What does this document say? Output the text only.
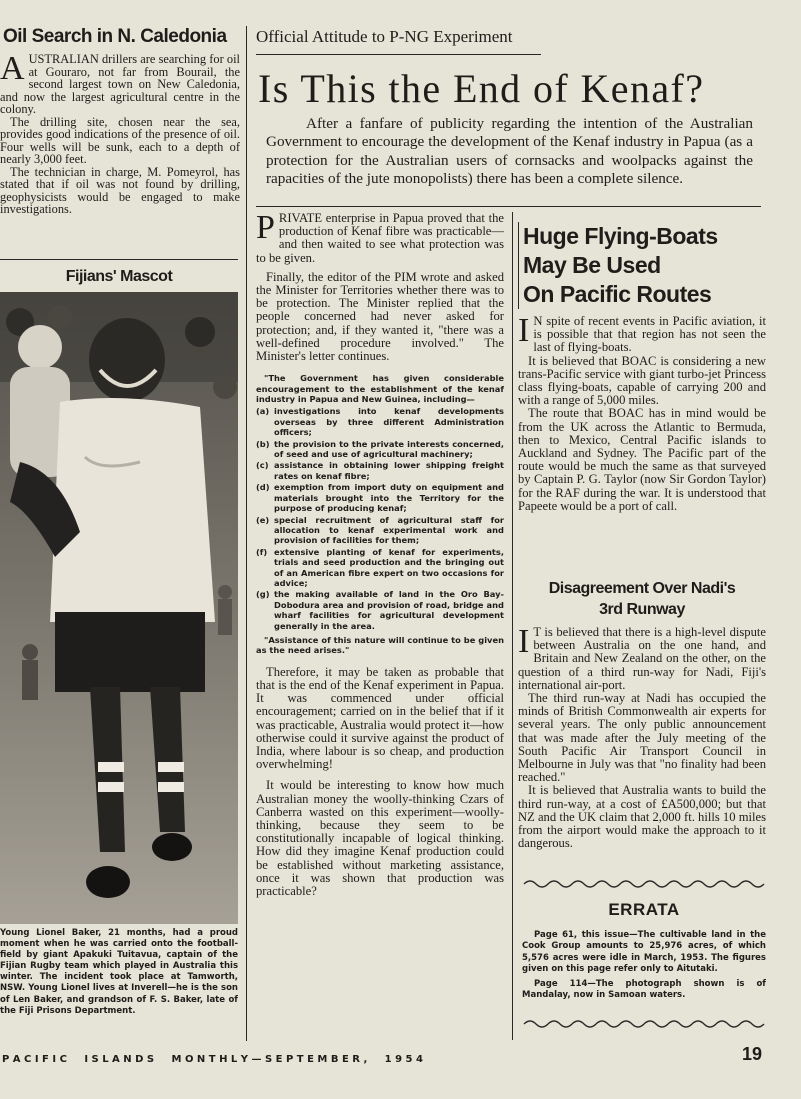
Oil Search in N. Caledonia

AUSTRALIAN drillers are searching for oil at Gouraro, not far from Bourail, the second largest town on New Caledonia, and now the largest agricultural centre in the colony.

The drilling site, chosen near the sea, provides good indications of the presence of oil. Four wells will be sunk, each to a depth of nearly 3,000 feet.

The technician in charge, M. Pomeyrol, has stated that if oil was not found by drilling, geophysicists would be engaged to make investigations.

Fijians' Mascot
Young Lionel Baker, 21 months, had a proud moment when he was carried onto the football-field by giant Apakuki Tuitavua, captain of the Fijian Rugby team which played in Australia this winter. The incident took place at Tamworth, NSW. Young Lionel lives at Inverell—he is the son of Len Baker, and grandson of F. S. Baker, late of the Fiji Prisons Department.
Official Attitude to P-NG Experiment
Is This the End of Kenaf?

After a fanfare of publicity regarding the intention of the Australian Government to encourage the development of the Kenaf industry in Papua (as a protection for the Australian users of cornsacks and woolpacks against the rapacities of the jute monopolists) there has been a complete silence.

PRIVATE enterprise in Papua proved that the production of Kenaf fibre was practicable—and then waited to see what protection was to be given.

Finally, the editor of the PIM wrote and asked the Minister for Territories whether there was to be protection. The Minister replied that the people concerned had never asked for protection; and, if they wanted it, "there was a well-defined procedure involved." The Minister's letter continues.

"The Government has given considerable encouragement to the establishment of the kenaf industry in Papua and New Guinea, including—
(a) investigations into kenaf developments overseas by three different Administration officers;
(b) the provision to the private interests concerned, of seed and use of agricultural machinery;
(c) assistance in obtaining lower shipping freight rates on kenaf fibre;
(d) exemption from import duty on equipment and materials brought into the Territory for the purpose of producing kenaf;
(e) special recruitment of agricultural staff for allocation to kenaf experimental work and provision of facilities for them;
(f) extensive planting of kenaf for experiments, trials and seed production and the bringing out of an American fibre expert on two occasions for advice;
(g) the making available of land in the Oro Bay-Dobodura area and provision of road, bridge and wharf facilities for agricultural development generally in the area.
"Assistance of this nature will continue to be given as the need arises."

Therefore, it may be taken as probable that that is the end of the Kenaf experiment in Papua. It was commenced under official encouragement; carried on in the belief that if it was practicable, Australia would protect it—how otherwise could it survive against the product of India, where labour is so cheap, and production overwhelming!

It would be interesting to know how much Australian money the woolly-thinking Czars of Canberra wasted on this experiment—woolly-thinking, because they seem to be constitutionally incapable of logical thinking. How did they imagine Kenaf production could be established without marketing assistance, once it was shown that production was practicable?

Huge Flying-Boats
May Be Used
On Pacific Routes

I N spite of recent events in Pacific aviation, it is possible that that region has not seen the last of flying-boats.

It is believed that BOAC is considering a new trans-Pacific service with giant turbo-jet Princess class flying-boats, capable of carrying 200 and with a range of 5,000 miles.

The route that BOAC has in mind would be from the UK across the Atlantic to Bermuda, then to Mexico, Central Pacific islands to Auckland and Sydney. The Pacific part of the route would be much the same as that surveyed by Captain P. G. Taylor (now Sir Gordon Taylor) for the RAF during the war. It is understood that Papeete would be a port of call.

Disagreement Over Nadi's
3rd Runway

I T is believed that there is a high-level dispute between Australia on the one hand, and Britain and New Zealand on the other, on the question of a third run-way for Nadi, Fiji's international air-port.

The third run-way at Nadi has occupied the minds of British Commonwealth air experts for several years. The only public announcement that was made after the July meeting of the South Pacific Air Transport Council in Melbourne in July was that "no finality had been reached."

It is believed that Australia wants to build the third run-way, at a cost of £A500,000; but that NZ and the UK claim that 2,000 ft. hills 10 miles from the airport would make the approach to it dangerous.

ERRATA
Page 61, this issue—The cultivable land in the Cook Group amounts to 25,976 acres, of which 5,576 acres were idle in March, 1953. The figures given on this page refer only to Aitutaki.
Page 114—The photograph shown is of Mandalay, now in Samoan waters.
P A C I F I C     I S L A N D S     M O N T H L Y — S E P T E M B E R ,     1 9 5 4	19
